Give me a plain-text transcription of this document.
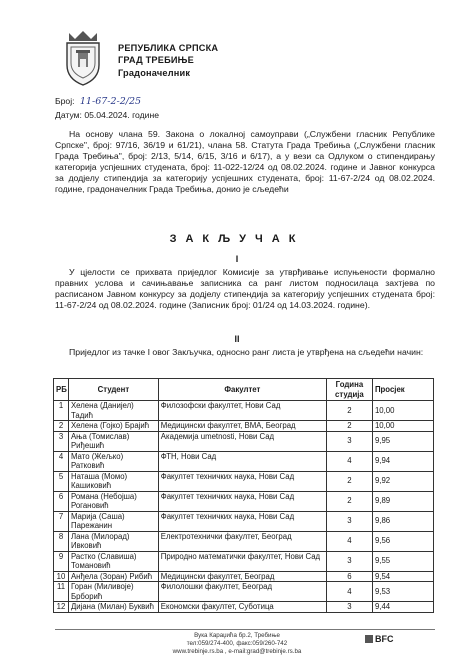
РЕПУБЛИКА СРПСКА
ГРАД ТРЕБИЊЕ
Градоначелник
Број: 11-67-2-2/25
Датум: 05.04.2024. године
На основу члана 59. Закона о локалној самоуправи („Службени гласник Републике Српске", број: 97/16, 36/19 и 61/21), члана 58. Статута Града Требиња („Службени гласник Града Требиња", број: 2/13, 5/14, 6/15, 3/16 и 6/17), а у вези са Одлуком о стипендирању категорија успјешних студената, број: 11-022-12/24 од 08.02.2024. године и Јавног конкурса за додјелу стипендија за категорију успјешних студената, број: 11-67-2/24 од 08.02.2024. године, градоначелник Града Требиња, донио је сљедећи
ЗАКЉУЧАК
I
У цјелости се прихвата приједлог Комисије за утврђивање испуњености формално правних услова и сачињавање записника са ранг листом подносилаца захтјева по расписаном Јавном конкурсу за додјелу стипендија за категорију успјешних студената број: 11-67-2/24 од 08.02.2024. године (Записник број: 01/24 од 14.03.2024. године).
II
Приједлог из тачке I овог Закључка, односно ранг листа је утврђена на сљедећи начин:
РБ	Студент	Факултет	Година студија	Просјек
1	Хелена (Данијел) Тадић	Филозофски факултет, Нови Сад	2	10,00
2	Хелена (Гојко) Брајић	Медицински факултет, ВМА, Београд	2	10,00
3	Ања (Томислав) Риђешић	Академија umetnosti, Нови Сад	3	9,95
4	Мато (Жељко) Ратковић	ФТН, Нови Сад	4	9,94
5	Наташа (Момо) Кашиковић	Факултет техничких наука, Нови Сад	2	9,92
6	Романа (Небојша) Рогановић	Факултет техничких наука, Нови Сад	2	9,89
7	Марија (Саша) Парежанин	Факултет техничких наука, Нови Сад	3	9,86
8	Лана (Милорад) Ивковић	Електротехнички факултет, Београд	4	9,56
9	Растко (Славиша) Томановић	Природно математички факултет, Нови Сад	3	9,55
10	Анђела (Зоран) Рибић	Медицински факултет, Београд	6	9,54
11	Горан (Миливоје) Брборић	Филолошки факултет, Београд	4	9,53
12	Дијана (Милан) Буквић	Економски факултет, Суботица	3	9,44
Вука Караџића бр.2, Требиње
тел:059/274-400, факс:059/260-742
www.trebinje.rs.ba , e-mail:grad@trebinje.rs.ba
BFC
